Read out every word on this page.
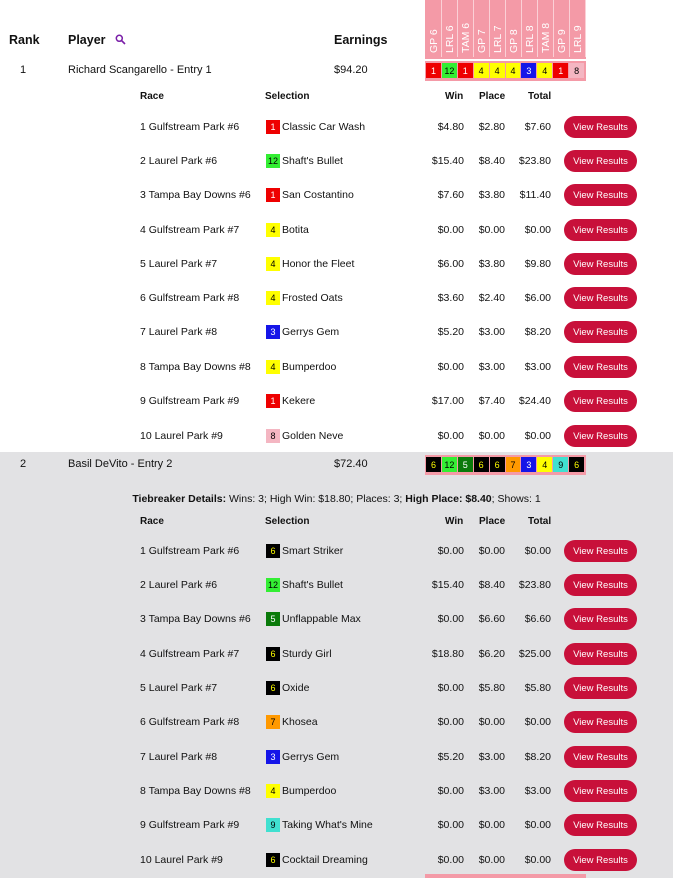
Rank Player	Earnings	GP 6 LRL 6 TAM 6 GP 7 LRL 7 GP 8 LRL 8 TAM 8 GP 9 LRL 9
1	Richard Scangarello - Entry 1	$94.20	1 12 1	4	4	4	3	4	1	8
Race	Selection	Win Place Total
1 Gulfstream Park #6	1 Classic Car Wash	$4.80 $2.80 $7.60	View Results
2 Laurel Park #6	12 Shaft's Bullet	$15.40 $8.40 $23.80	View Results
3 Tampa Bay Downs #6	1 San Costantino	$7.60 $3.80 $11.40	View Results
4 Gulfstream Park #7	4 Botita	$0.00 $0.00 $0.00	View Results
5 Laurel Park #7	4 Honor the Fleet	$6.00 $3.80 $9.80	View Results
6 Gulfstream Park #8	4 Frosted Oats	$3.60 $2.40 $6.00	View Results
7 Laurel Park #8	3 Gerrys Gem	$5.20 $3.00 $8.20	View Results
8 Tampa Bay Downs #8	4 Bumperdoo	$0.00 $3.00 $3.00	View Results
9 Gulfstream Park #9	1 Kekere	$17.00 $7.40 $24.40	View Results
10 Laurel Park #9	8 Golden Neve	$0.00 $0.00 $0.00	View Results
2	Basil DeVito - Entry 2	$72.40	6 12 5	6	6	7	3	4	9	6
Tiebreaker Details: Wins: 3; High Win: $18.80; Places: 3; High Place: $8.40; Shows: 1
Race	Selection	Win Place Total
1 Gulfstream Park #6	6 Smart Striker	$0.00 $0.00 $0.00	View Results
2 Laurel Park #6	12 Shaft's Bullet	$15.40 $8.40 $23.80	View Results
3 Tampa Bay Downs #6	5 Unflappable Max	$0.00 $6.60 $6.60	View Results
4 Gulfstream Park #7	6 Sturdy Girl	$18.80 $6.20 $25.00	View Results
5 Laurel Park #7	6 Oxide	$0.00 $5.80 $5.80	View Results
6 Gulfstream Park #8	7 Khosea	$0.00 $0.00 $0.00	View Results
7 Laurel Park #8	3 Gerrys Gem	$5.20 $3.00 $8.20	View Results
8 Tampa Bay Downs #8	4 Bumperdoo	$0.00 $3.00 $3.00	View Results
9 Gulfstream Park #9	9 Taking What's Mine	$0.00 $0.00 $0.00	View Results
10 Laurel Park #9	6 Cocktail Dreaming	$0.00 $0.00 $0.00	View Results
